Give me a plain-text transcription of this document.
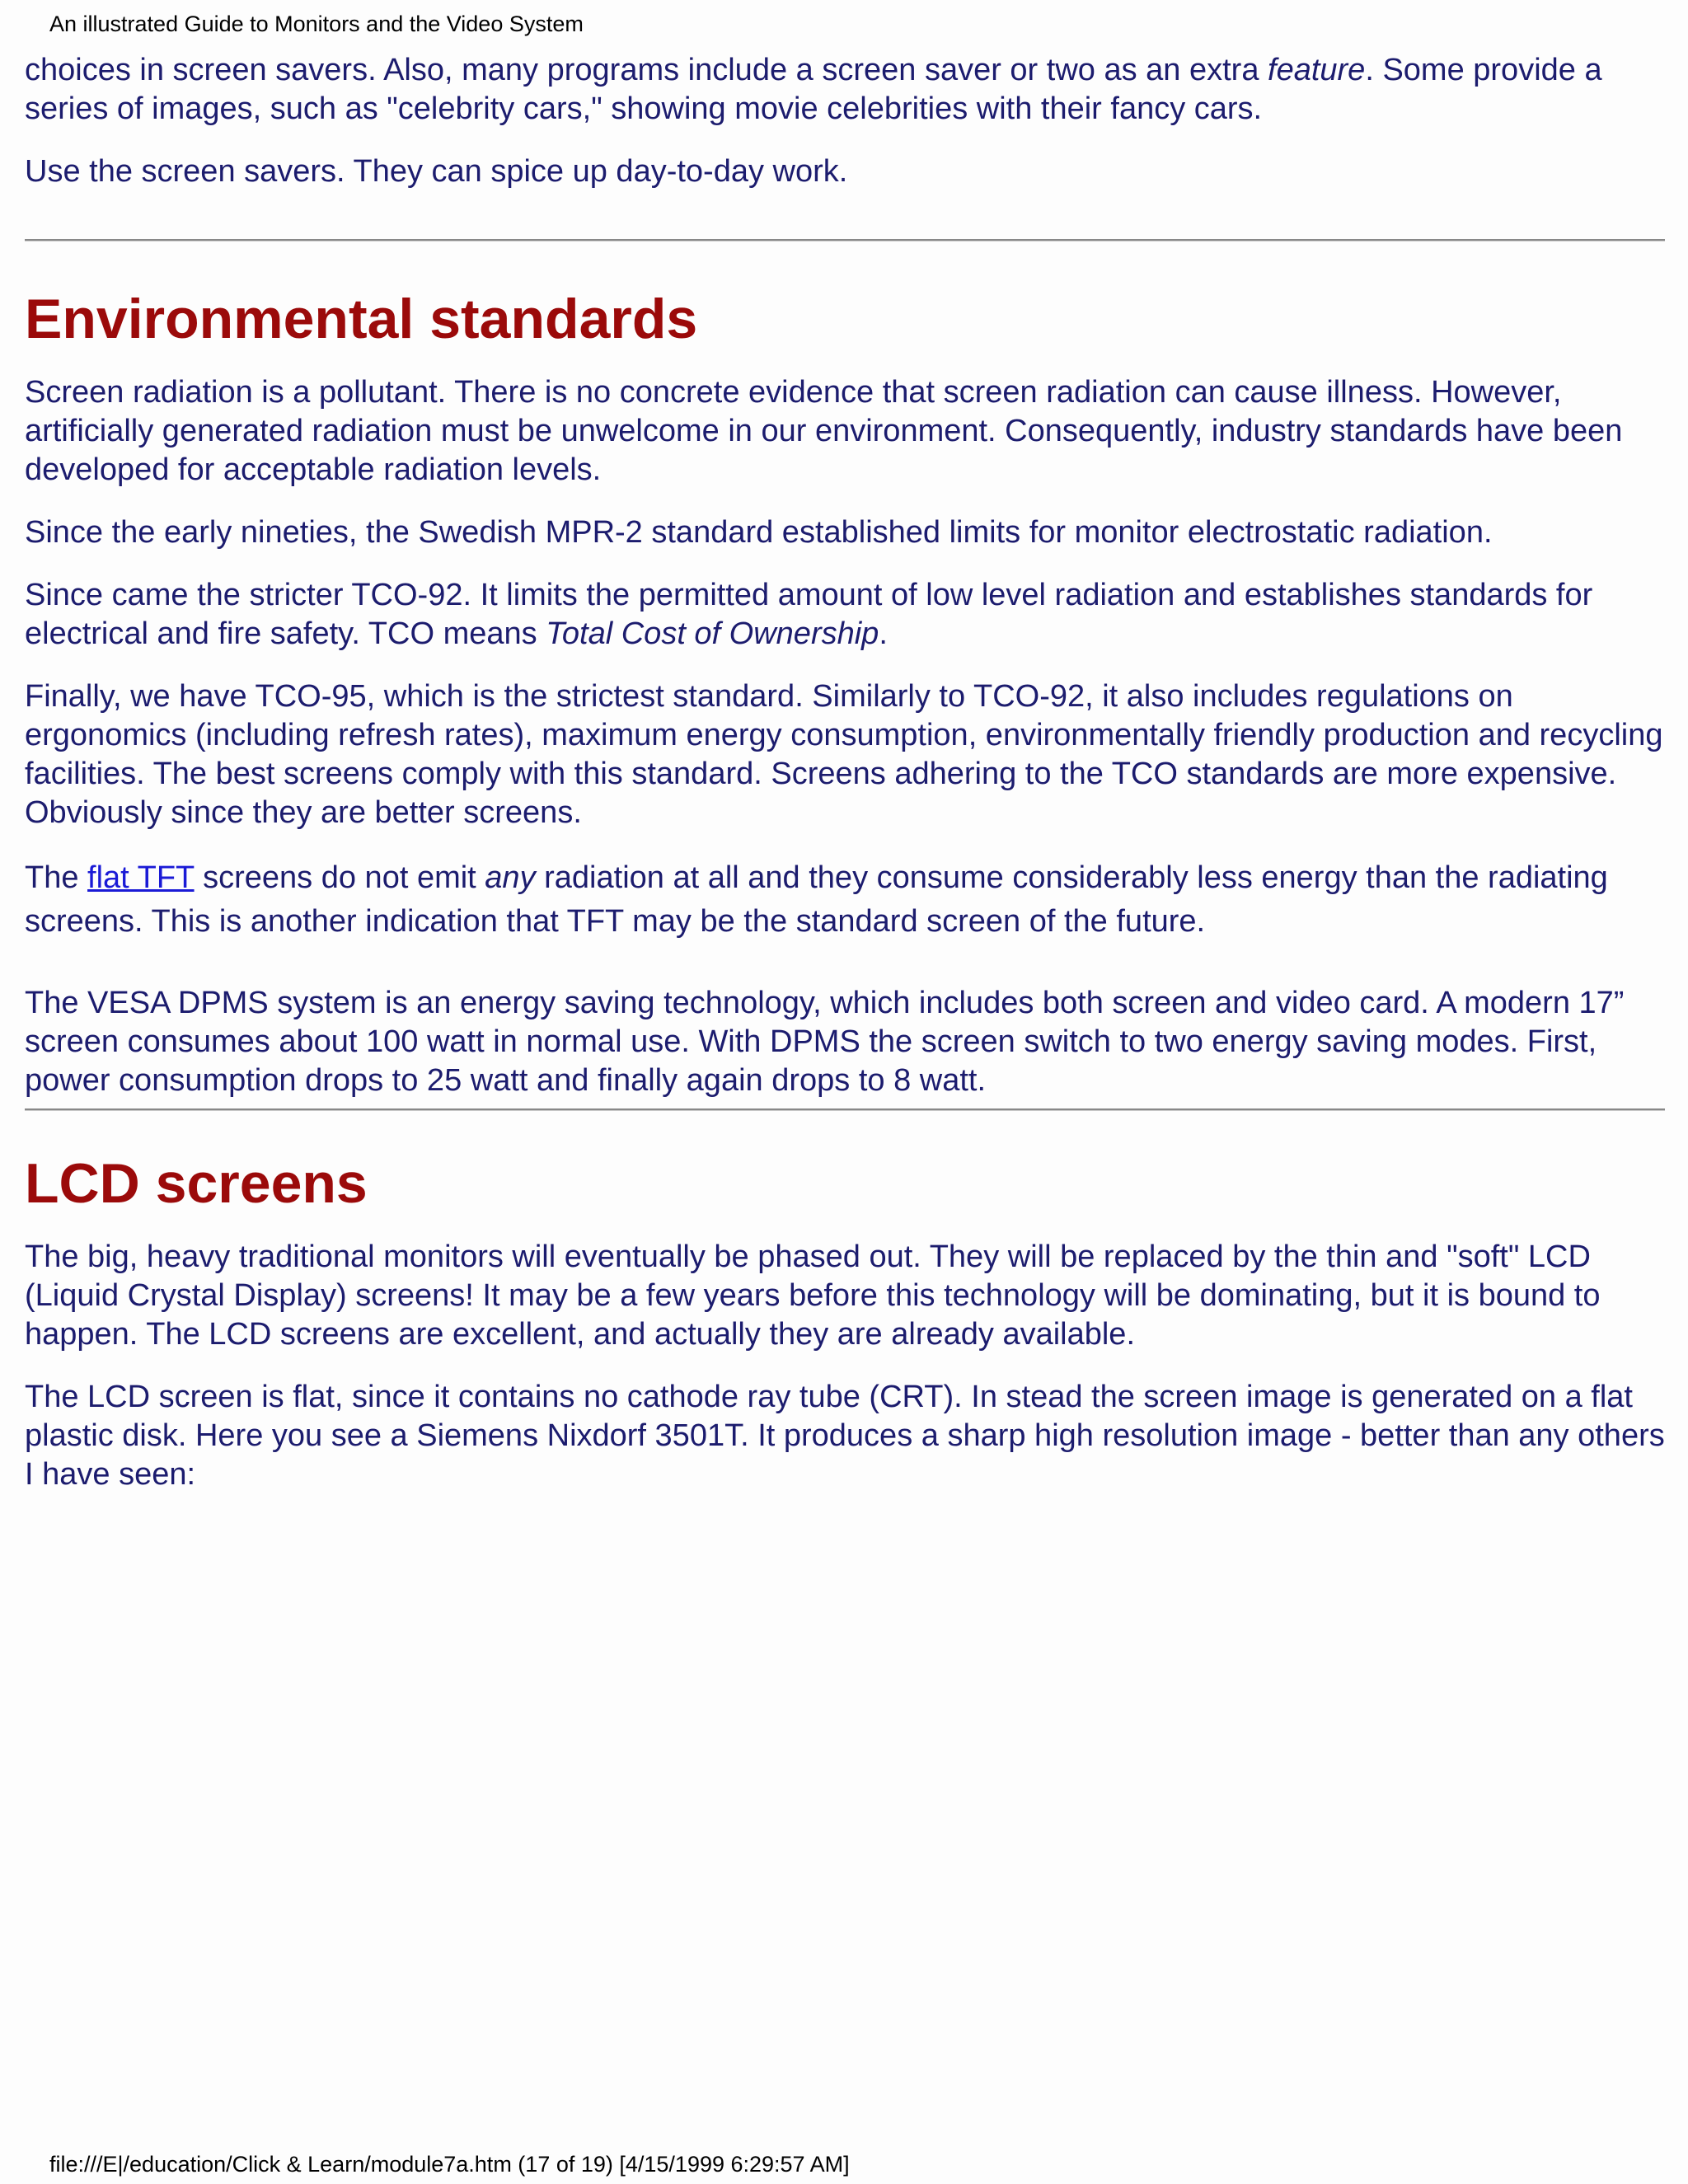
An illustrated Guide to Monitors and the Video System

choices in screen savers. Also, many programs include a screen saver or two as an extra feature. Some provide a series of images, such as "celebrity cars," showing movie celebrities with their fancy cars.

Use the screen savers. They can spice up day-to-day work.

Environmental standards

Screen radiation is a pollutant. There is no concrete evidence that screen radiation can cause illness. However, artificially generated radiation must be unwelcome in our environment. Consequently, industry standards have been developed for acceptable radiation levels.

Since the early nineties, the Swedish MPR-2 standard established limits for monitor electrostatic radiation.

Since came the stricter TCO-92. It limits the permitted amount of low level radiation and establishes standards for electrical and fire safety. TCO means Total Cost of Ownership.

Finally, we have TCO-95, which is the strictest standard. Similarly to TCO-92, it also includes regulations on ergonomics (including refresh rates), maximum energy consumption, environmentally friendly production and recycling facilities. The best screens comply with this standard. Screens adhering to the TCO standards are more expensive. Obviously since they are better screens.

The flat TFT screens do not emit any radiation at all and they consume considerably less energy than the radiating screens. This is another indication that TFT may be the standard screen of the future.

The VESA DPMS system is an energy saving technology, which includes both screen and video card. A modern 17” screen consumes about 100 watt in normal use. With DPMS the screen switch to two energy saving modes. First, power consumption drops to 25 watt and finally again drops to 8 watt.

LCD screens

The big, heavy traditional monitors will eventually be phased out. They will be replaced by the thin and "soft" LCD (Liquid Crystal Display) screens! It may be a few years before this technology will be dominating, but it is bound to happen. The LCD screens are excellent, and actually they are already available.

The LCD screen is flat, since it contains no cathode ray tube (CRT). In stead the screen image is generated on a flat plastic disk. Here you see a Siemens Nixdorf 3501T. It produces a sharp high resolution image - better than any others I have seen:

file:///E|/education/Click & Learn/module7a.htm (17 of 19) [4/15/1999 6:29:57 AM]
